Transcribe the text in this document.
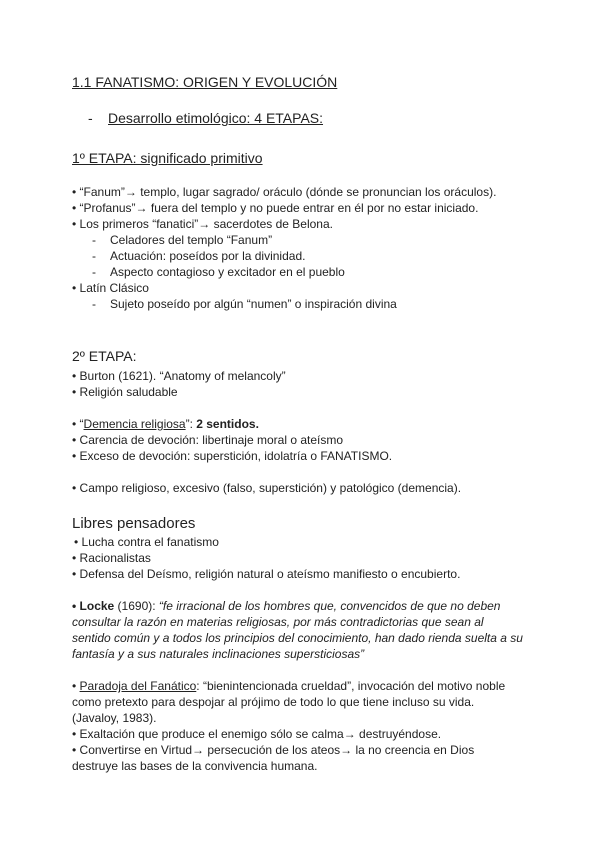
1.1 FANATISMO: ORIGEN Y EVOLUCIÓN
- Desarrollo etimológico: 4 ETAPAS:
1º ETAPA: significado primitivo
• “Fanum”→ templo, lugar sagrado/ oráculo (dónde se pronuncian los oráculos).
• “Profanus”→ fuera del templo y no puede entrar en él por no estar iniciado.
• Los primeros “fanatici”→ sacerdotes de Belona.
- Celadores del templo “Fanum”
- Actuación: poseídos por la divinidad.
- Aspecto contagioso y excitador en el pueblo
• Latín Clásico
- Sujeto poseído por algún “numen” o inspiración divina
2º ETAPA:
• Burton (1621). “Anatomy of melancoly”
• Religión saludable
• “Demencia religiosa”: 2 sentidos.
• Carencia de devoción: libertinaje moral o ateísmo
• Exceso de devoción: superstición, idolatría o FANATISMO.
• Campo religioso, excesivo (falso, superstición) y patológico (demencia).
Libres pensadores
• Lucha contra el fanatismo
• Racionalistas
• Defensa del Deísmo, religión natural o ateísmo manifiesto o encubierto.
• Locke (1690): “fe irracional de los hombres que, convencidos de que no deben
consultar la razón en materias religiosas, por más contradictorias que sean al
sentido común y a todos los principios del conocimiento, han dado rienda suelta a su
fantasía y a sus naturales inclinaciones supersticiosas”
• Paradoja del Fanático: “bienintencionada crueldad”, invocación del motivo noble
como pretexto para despojar al prójimo de todo lo que tiene incluso su vida.
(Javaloy, 1983).
• Exaltación que produce el enemigo sólo se calma→ destruyéndose.
• Convertirse en Virtud→ persecución de los ateos→ la no creencia en Dios
destruye las bases de la convivencia humana.
